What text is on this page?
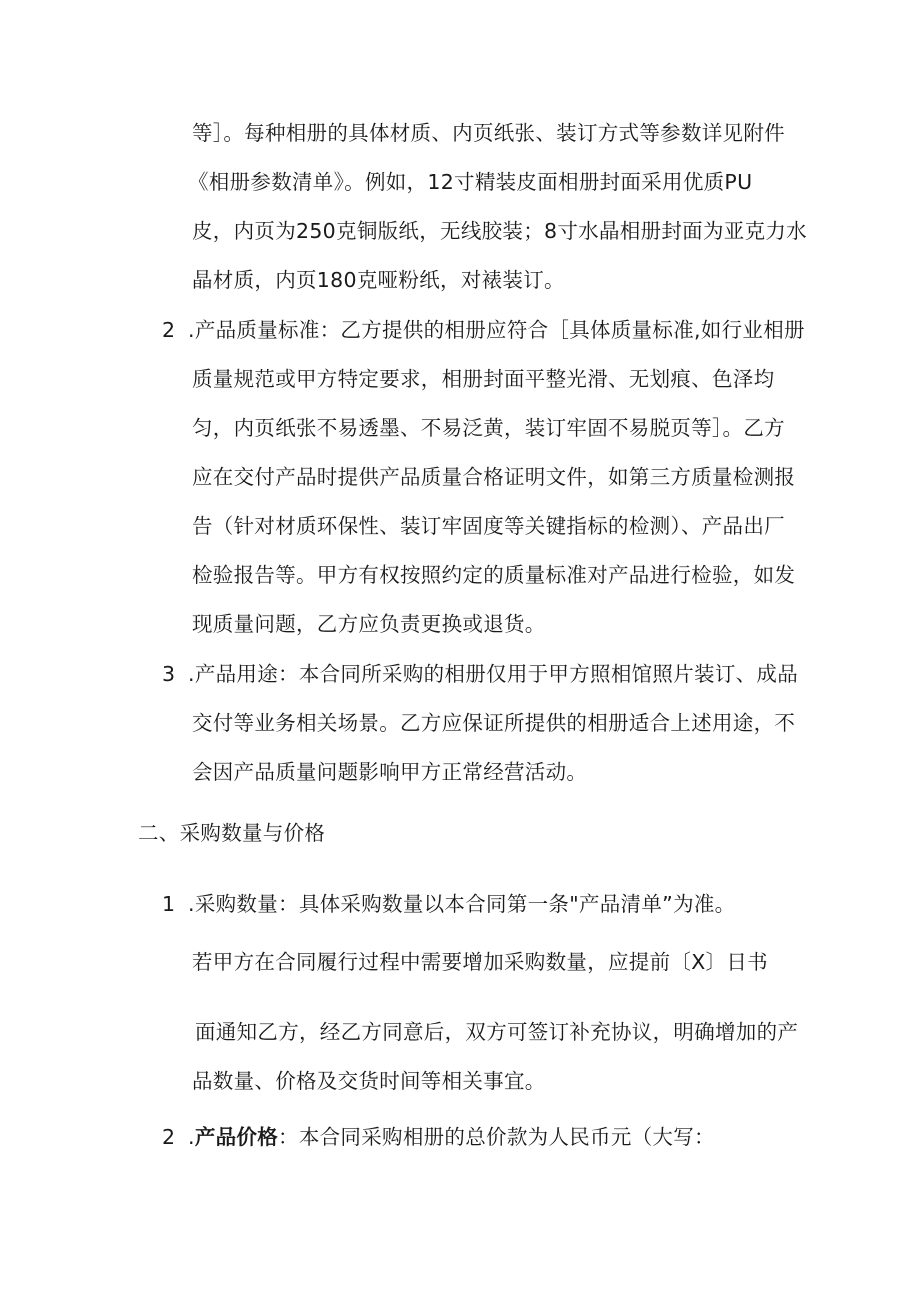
等］。每种相册的具体材质、内页纸张、装订方式等参数详见附件
《相册参数清单》。例如，12寸精装皮面相册封面采用优质PU
皮，内页为250克铜版纸，无线胶装；8寸水晶相册封面为亚克力水
晶材质，内页180克哑粉纸，对裱装订。
2 .产品质量标准：乙方提供的相册应符合［具体质量标准,如行业相册
质量规范或甲方特定要求，相册封面平整光滑、无划痕、色泽均
匀，内页纸张不易透墨、不易泛黄，装订牢固不易脱页等］。乙方
应在交付产品时提供产品质量合格证明文件，如第三方质量检测报
告（针对材质环保性、装订牢固度等关键指标的检测）、产品出厂
检验报告等。甲方有权按照约定的质量标准对产品进行检验，如发
现质量问题，乙方应负责更换或退货。
3 .产品用途：本合同所采购的相册仅用于甲方照相馆照片装订、成品
交付等业务相关场景。乙方应保证所提供的相册适合上述用途，不
会因产品质量问题影响甲方正常经营活动。
二、采购数量与价格
1 .采购数量：具体采购数量以本合同第一条"产品清单”为准。
若甲方在合同履行过程中需要增加采购数量，应提前〔X〕日书
面通知乙方，经乙方同意后，双方可签订补充协议，明确增加的产
品数量、价格及交货时间等相关事宜。
2 .产品价格：本合同采购相册的总价款为人民币元（大写：
